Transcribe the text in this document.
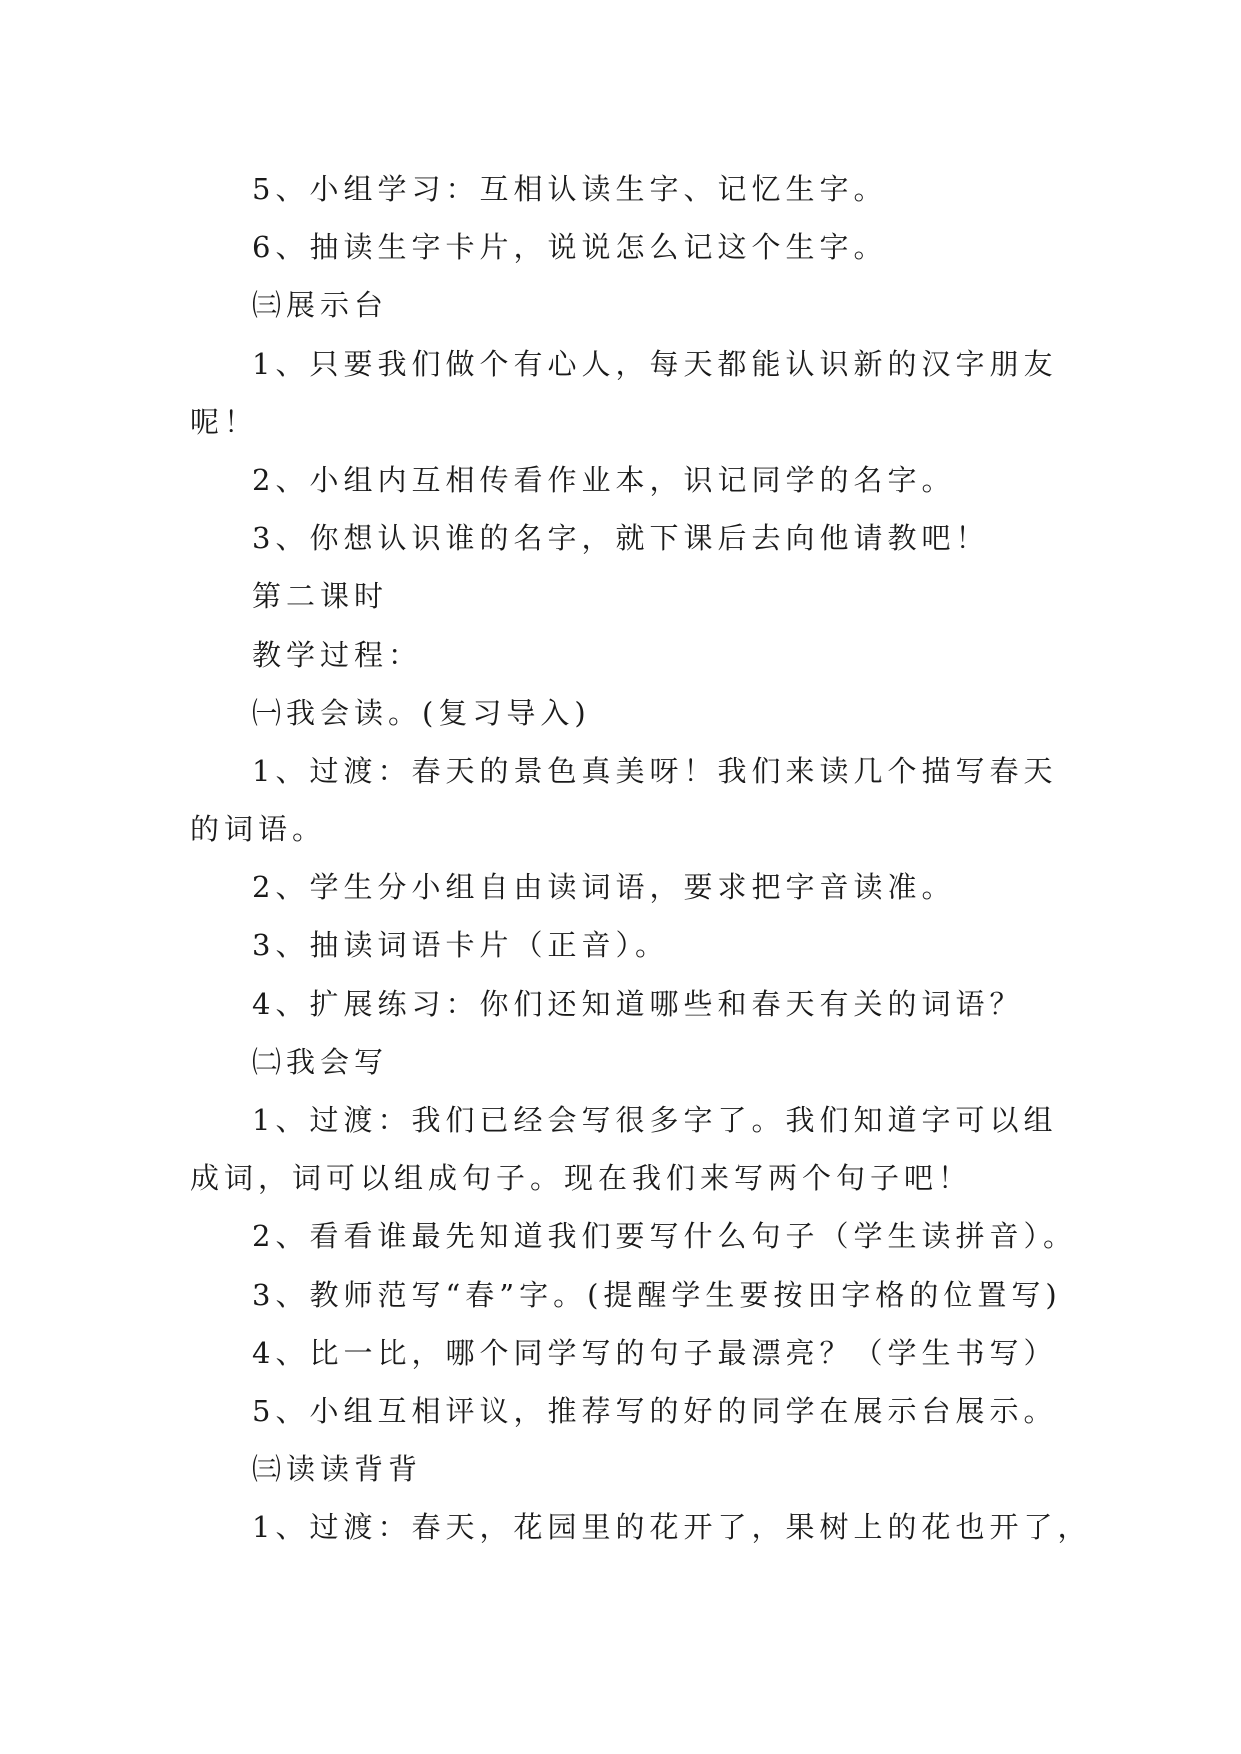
5、小组学习：互相认读生字、记忆生字。
6、抽读生字卡片，说说怎么记这个生字。
㈢展示台
1、只要我们做个有心人，每天都能认识新的汉字朋友
呢！
2、小组内互相传看作业本，识记同学的名字。
3、你想认识谁的名字，就下课后去向他请教吧！
第二课时
教学过程：
㈠我会读。(复习导入)
1、过渡：春天的景色真美呀！我们来读几个描写春天
的词语。
2、学生分小组自由读词语，要求把字音读准。
3、抽读词语卡片（正音）。
4、扩展练习：你们还知道哪些和春天有关的词语？
㈡我会写
1、过渡：我们已经会写很多字了。我们知道字可以组
成词，词可以组成句子。现在我们来写两个句子吧！
2、看看谁最先知道我们要写什么句子（学生读拼音）。
3、教师范写“春”字。(提醒学生要按田字格的位置写)
4、比一比，哪个同学写的句子最漂亮？（学生书写）
5、小组互相评议，推荐写的好的同学在展示台展示。
㈢读读背背
1、过渡：春天，花园里的花开了，果树上的花也开了，
